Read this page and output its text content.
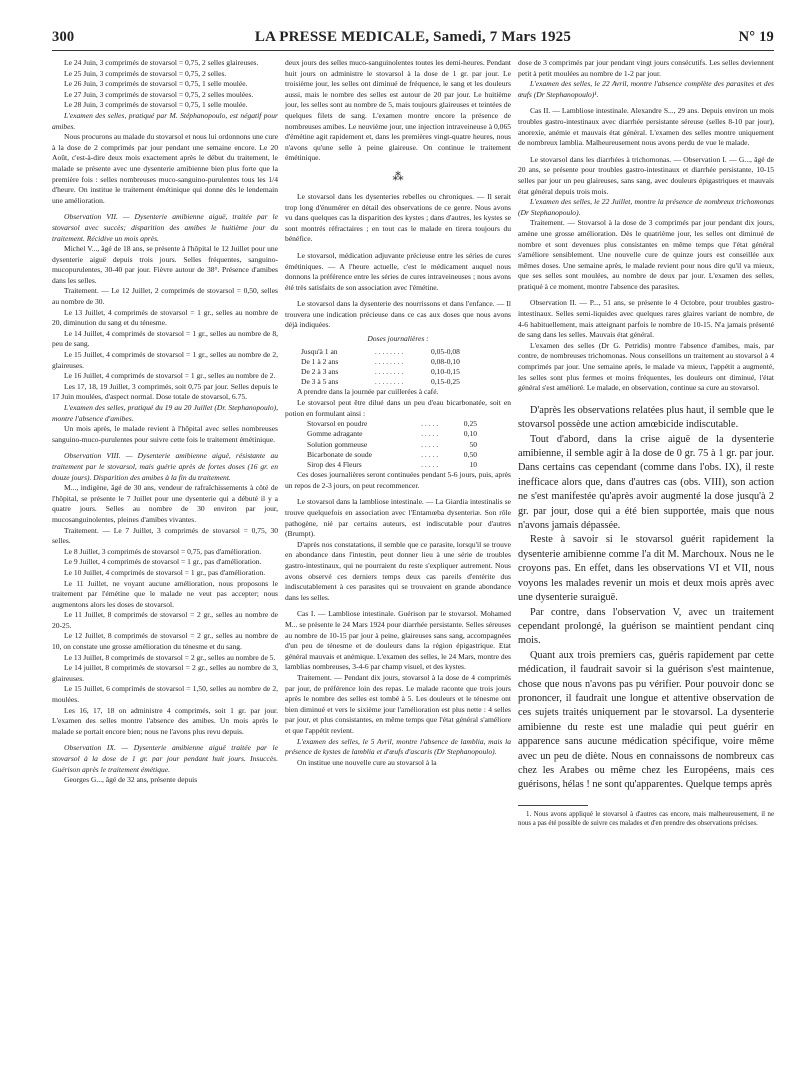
300	LA PRESSE MEDICALE, Samedi, 7 Mars 1925	N° 19

Le 24 Juin, 3 comprimés de stovarsol = 0,75, 2 selles glaireuses.

Le 25 Juin, 3 comprimés de stovarsol = 0,75, 2 selles.

Le 26 Juin, 3 comprimés de stovarsol = 0,75, 1 selle moulée.

Le 27 Juin, 3 comprimés de stovarsol = 0,75, 2 selles moulées.

Le 28 Juin, 3 comprimés de stovarsol = 0,75, 1 selle moulée.

L'examen des selles, pratiqué par M. Stéphanopoulo, est négatif pour amibes.

Nous procurons au malade du stovarsol et nous lui ordonnons une cure à la dose de 2 comprimés par jour pendant une semaine encore. Le 20 Août, c'est-à-dire deux mois exactement après le début du traitement, le malade se présente avec une dysenterie amibienne bien plus forte que la première fois : selles nombreuses muco-sanguino-purulentes tous les 1/4 d'heure. On institue le traitement émétinique qui donne dès le lendemain une amélioration.

Observation VII. — Dysenterie amibienne aiguë, traitée par le stovarsol avec succès; disparition des amibes le huitième jour du traitement. Récidive un mois après.

Michel V..., âgé de 18 ans, se présente à l'hôpital le 12 Juillet pour une dysenterie aiguë depuis trois jours. Selles fréquentes, sanguino-mucopurulentes, 30-40 par jour. Fièvre autour de 38°. Présence d'amibes dans les selles.

Traitement. — Le 12 Juillet, 2 comprimés de stovarsol = 0,50, selles au nombre de 30.

Le 13 Juillet, 4 comprimés de stovarsol = 1 gr., selles au nombre de 20, diminution du sang et du ténesme.

Le 14 Juillet, 4 comprimés de stovarsol = 1 gr., selles au nombre de 8, peu de sang.

Le 15 Juillet, 4 comprimés de stovarsol = 1 gr., selles au nombre de 2, glaireuses.

Le 16 Juillet, 4 comprimés de stovarsol = 1 gr., selles au nombre de 2.

Les 17, 18, 19 Juillet, 3 comprimés, soit 0,75 par jour. Selles depuis le 17 Juin moulées, d'aspect normal. Dose totale de stovarsol, 6.75.

L'examen des selles, pratiqué du 19 au 20 Juillet (Dr. Stephanopoulo), montre l'absence d'amibes.

Un mois après, le malade revient à l'hôpital avec selles nombreuses sanguino-muco-purulentes pour suivre cette fois le traitement émétinique.

Observation VIII. — Dysenterie amibienne aiguë, résistante au traitement par le stovarsol, mais guérie après de fortes doses (16 gr. en douze jours). Disparition des amibes à la fin du traitement.

M..., indigène, âgé de 30 ans, vendeur de rafraîchissements à côté de l'hôpital, se présente le 7 Juillet pour une dysenterie qui a débuté il y a quatre jours. Selles au nombre de 30 environ par jour, mucosanguinolentes, pleines d'amibes vivantes.

Traitement. — Le 7 Juillet, 3 comprimés de stovarsol = 0,75, 30 selles.

Le 8 Juillet, 3 comprimés de stovarsol = 0,75, pas d'amélioration.

Le 9 Juillet, 4 comprimés de stovarsol = 1 gr., pas d'amélioration.

Le 10 Juillet, 4 comprimés de stovarsol = 1 gr., pas d'amélioration.

Le 11 Juillet, ne voyant aucune amélioration, nous proposons le traitement par l'émétine que le malade ne veut pas accepter; nous augmentons alors les doses de stovarsol.

Le 11 Juillet, 8 comprimés de stovarsol = 2 gr., selles au nombre de 20-25.

Le 12 Juillet, 8 comprimés de stovarsol = 2 gr., selles au nombre de 10, on constate une grosse amélioration du ténesme et du sang.

Le 13 Juillet, 8 comprimés de stovarsol = 2 gr., selles au nombre de 5.

Le 14 juillet, 8 comprimés de stovarsol = 2 gr., selles au nombre de 3, glaireuses.

Le 15 Juillet, 6 comprimés de stovarsol = 1,50, selles au nombre de 2, moulées.

Les 16, 17, 18 on administre 4 comprimés, soit 1 gr. par jour. L'examen des selles montre l'absence des amibes. Un mois après le malade se portait encore bien; nous ne l'avons plus revu depuis.

Observation IX. — Dysenterie amibienne aiguë traitée par le stovarsol à la dose de 1 gr. par jour pendant huit jours. Insuccès. Guérison après le traitement émétique.

Georges G..., âgé de 32 ans, présente depuis

deux jours des selles muco-sanguinolentes toutes les demi-heures. Pendant huit jours on administre le stovarsol à la dose de 1 gr. par jour. Le troisième jour, les selles ont diminué de fréquence, le sang et les douleurs aussi, mais le nombre des selles est autour de 20 par jour. Le huitième jour, les selles sont au nombre de 5, mais toujours glaireuses et teintées de quelques filets de sang. L'examen montre encore la présence de nombreuses amibes. Le neuvième jour, une injection intraveineuse à 0,065 d'émétine agit rapidement et, dans les premières vingt-quatre heures, nous n'avons qu'une selle à peine glaireuse. On continue le traitement émétinique.

⁂

Le stovarsol dans les dysenteries rebelles ou chroniques. — Il serait trop long d'énumérer en détail des observations de ce genre. Nous avons vu dans quelques cas la disparition des kystes ; dans d'autres, les kystes se sont montrés réfractaires ; en tout cas le malade en tirera toujours du bénéfice.

Le stovarsol, médication adjuvante précieuse entre les séries de cures émétiniques. — A l'heure actuelle, c'est le médicament auquel nous donnons la préférence entre les séries de cures intraveineuses ; nous avons été très satisfaits de son association avec l'émétine.

Le stovarsol dans la dysenterie des nourrissons et dans l'enfance. — Il trouvera une indication précieuse dans ce cas aux doses que nous avons déjà indiquées.

Doses journalières :
Jusqu'à 1 an	. . . . . . . .	0,05-0,08
De 1 à 2 ans	. . . . . . . .	0,08-0,10
De 2 à 3 ans	. . . . . . . .	0,10-0,15
De 3 à 5 ans	. . . . . . . .	0,15-0,25

A prendre dans la journée par cuillerées à café.

Le stovarsol peut être dilué dans un peu d'eau bicarbonatée, soit en potion en formulant ainsi :

Stovarsol en poudre	. . . . .	0,25
Gomme adragante	. . . . .	0,10
Solution gommeuse	. . . . .	50
Bicarbonate de soude	. . . . .	0,50
Sirop des 4 Fleurs	. . . . .	10

Ces doses journalières seront continuées pendant 5-6 jours, puis, après un repos de 2-3 jours, on peut recommencer.

Le stovarsol dans la lambliose intestinale. — La Giardia intestinalis se trouve quelquefois en association avec l'Entamœba dysenteriæ. Son rôle pathogène, nié par certains auteurs, est indiscutable pour d'autres (Brumpt).

D'après nos constatations, il semble que ce parasite, lorsqu'il se trouve en abondance dans l'intestin, peut donner lieu à une série de troubles gastro-intestinaux, qui ne pourraient du reste s'expliquer autrement. Nous avons observé ces derniers temps deux cas pareils d'entérite dus indiscutablement à ces parasites qui se trouvaient en grande abondance dans les selles.

Cas I. — Lambliose intestinale. Guérison par le stovarsol. Mohamed M... se présente le 24 Mars 1924 pour diarrhée persistante. Selles séreuses au nombre de 10-15 par jour à peine, glaireuses sans sang, accompagnées d'un peu de ténesme et de douleurs dans la région épigastrique. Etat général mauvais et anémique. L'examen des selles, le 24 Mars, montre des lamblias nombreuses, 3-4-6 par champ visuel, et des kystes.

Traitement. — Pendant dix jours, stovarsol à la dose de 4 comprimés par jour, de préférence loin des repas. Le malade raconte que trois jours après le nombre des selles est tombé à 5. Les douleurs et le ténesme ont bien diminué et vers le sixième jour l'amélioration est plus nette : 4 selles par jour, et plus consistantes, en même temps que l'état général s'améliore et que l'appétit revient.

L'examen des selles, le 5 Avril, montre l'absence de lamblia, mais la présence de kystes de lamblia et d'œufs d'ascaris (Dr Stephanopoulo).

On institue une nouvelle cure au stovarsol à la

dose de 3 comprimés par jour pendant vingt jours consécutifs. Les selles deviennent petit à petit moulées au nombre de 1-2 par jour.

L'examen des selles, le 22 Avril, montre l'absence complète des parasites et des œufs (Dr Stephanopoulo)¹.

Cas II. — Lambliose intestinale. Alexandre S..., 29 ans. Depuis environ un mois troubles gastro-intestinaux avec diarrhée persistante séreuse (selles 8-10 par jour), anorexie, anémie et mauvais état général. L'examen des selles montre uniquement de nombreux lamblia. Malheureusement nous avons perdu de vue le malade.

Le stovarsol dans les diarrhées à trichomonas. — Observation I. — G..., âgé de 20 ans, se présente pour troubles gastro-intestinaux et diarrhée persistante, 10-15 selles par jour un peu glaireuses, sans sang, avec douleurs épigastriques et mauvais état général depuis trois mois.

L'examen des selles, le 22 Juillet, montre la présence de nombreux trichomonas (Dr Stephanopoulo).

Traitement. — Stovarsol à la dose de 3 comprimés par jour pendant dix jours, amène une grosse amélioration. Dès le quatrième jour, les selles ont diminué de nombre et sont devenues plus consistantes en même temps que l'état général s'améliore sensiblement. Une nouvelle cure de quinze jours est conseillée aux mêmes doses. Une semaine après, le malade revient pour nous dire qu'il va mieux, que ses selles sont moulées, au nombre de deux par jour. L'examen des selles, pratiqué à ce moment, montre l'absence des parasites.

Observation II. — P..., 51 ans, se présente le 4 Octobre, pour troubles gastro-intestinaux. Selles semi-liquides avec quelques rares glaires variant de nombre, de 4-6 habituellement, mais atteignant parfois le nombre de 10-15. N'a jamais présenté de sang dans les selles. Mauvais état général.

L'examen des selles (Dr G. Petridis) montre l'absence d'amibes, mais, par contre, de nombreuses trichomonas. Nous conseillons un traitement au stovarsol à 4 comprimés par jour. Une semaine après, le malade va mieux, l'appétit a augmenté, les selles sont plus fermes et moins fréquentes, les douleurs ont diminué, l'état général s'est amélioré. Le malade, en observation, continue sa cure au stovarsol.

D'après les observations relatées plus haut, il semble que le stovarsol possède une action amœbicide indiscutable.

Tout d'abord, dans la crise aiguë de la dysenterie amibienne, il semble agir à la dose de 0 gr. 75 à 1 gr. par jour. Dans certains cas cependant (comme dans l'obs. IX), il reste inefficace alors que, dans d'autres cas (obs. VIII), son action ne s'est manifestée qu'après avoir augmenté la dose jusqu'à 2 gr. par jour, dose qui a été bien supportée, mais que nous n'avons jamais dépassée.

Reste à savoir si le stovarsol guérit rapidement la dysenterie amibienne comme l'a dit M. Marchoux. Nous ne le croyons pas. En effet, dans les observations VI et VII, nous voyons les malades revenir un mois et deux mois après avec une dysenterie suraiguë.

Par contre, dans l'observation V, avec un traitement cependant prolongé, la guérison se maintient pendant cinq mois.

Quant aux trois premiers cas, guéris rapidement par cette médication, il faudrait savoir si la guérison s'est maintenue, chose que nous n'avons pas pu vérifier. Pour pouvoir donc se prononcer, il faudrait une longue et attentive observation de ces sujets traités uniquement par le stovarsol. La dysenterie amibienne du reste est une maladie qui peut guérir en apparence sans aucune médication spécifique, voire même avec un peu de diète. Nous en connaissons de nombreux cas chez les Arabes ou même chez les Européens, mais ces guérisons, hélas ! ne sont qu'apparentes. Quelque temps après

1. Nous avons appliqué le stovarsol à d'autres cas encore, mais malheureusement, il ne nous a pas été possible de suivre ces malades et d'en prendre des observations précises.
